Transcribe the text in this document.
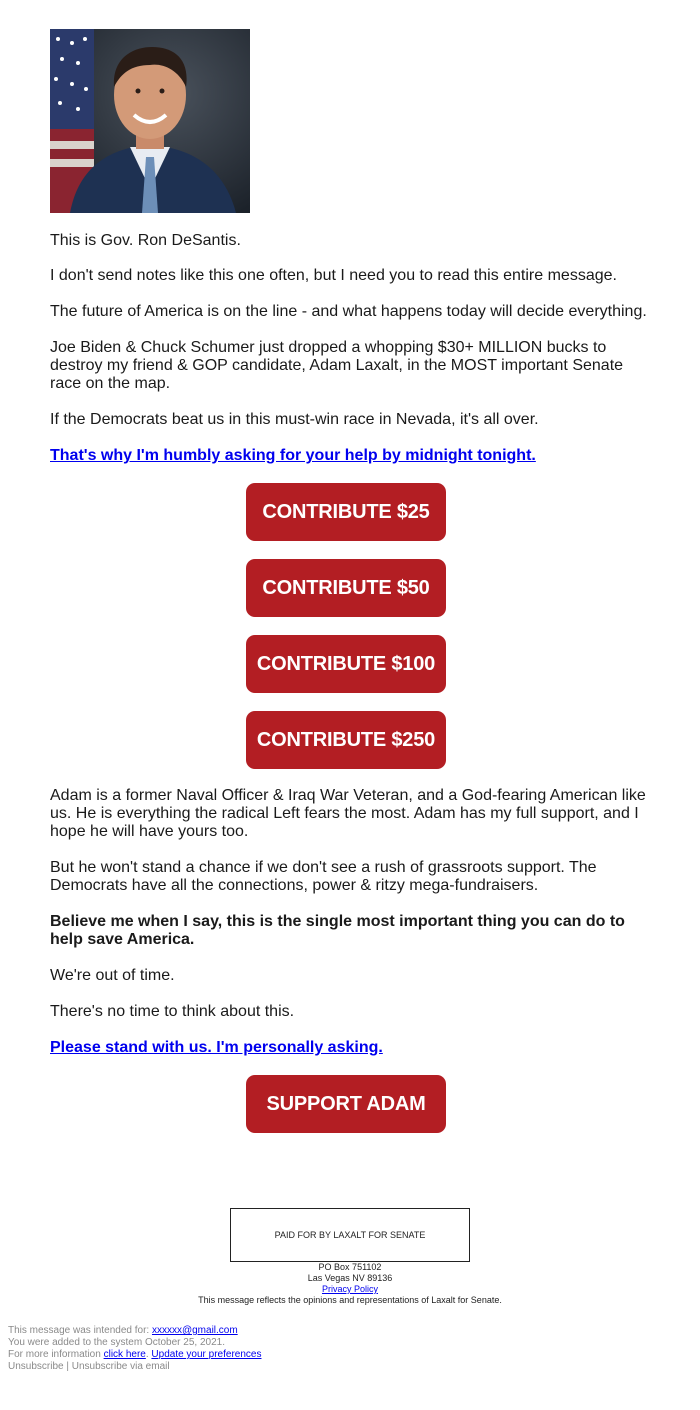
This is Gov. Ron DeSantis.

I don't send notes like this one often, but I need you to read this entire message.

The future of America is on the line - and what happens today will decide everything.

Joe Biden & Chuck Schumer just dropped a whopping $30+ MILLION bucks to destroy my friend & GOP candidate, Adam Laxalt, in the MOST important Senate race on the map.

If the Democrats beat us in this must-win race in Nevada, it's all over.

That's why I'm humbly asking for your help by midnight tonight.
CONTRIBUTE $25
CONTRIBUTE $50
CONTRIBUTE $100
CONTRIBUTE $250

Adam is a former Naval Officer & Iraq War Veteran, and a God-fearing American like us. He is everything the radical Left fears the most. Adam has my full support, and I hope he will have yours too.

But he won't stand a chance if we don't see a rush of grassroots support. The Democrats have all the connections, power & ritzy mega-fundraisers.

Believe me when I say, this is the single most important thing you can do to help save America.

We're out of time.

There's no time to think about this.

Please stand with us. I'm personally asking.
SUPPORT ADAM
PAID FOR BY LAXALT FOR SENATE
PO Box 751102
Las Vegas NV 89136
Privacy Policy
This message reflects the opinions and representations of Laxalt for Senate.
This message was intended for: xxxxxx@gmail.com
You were added to the system October 25, 2021.
For more information click here. Update your preferences
Unsubscribe | Unsubscribe via email
